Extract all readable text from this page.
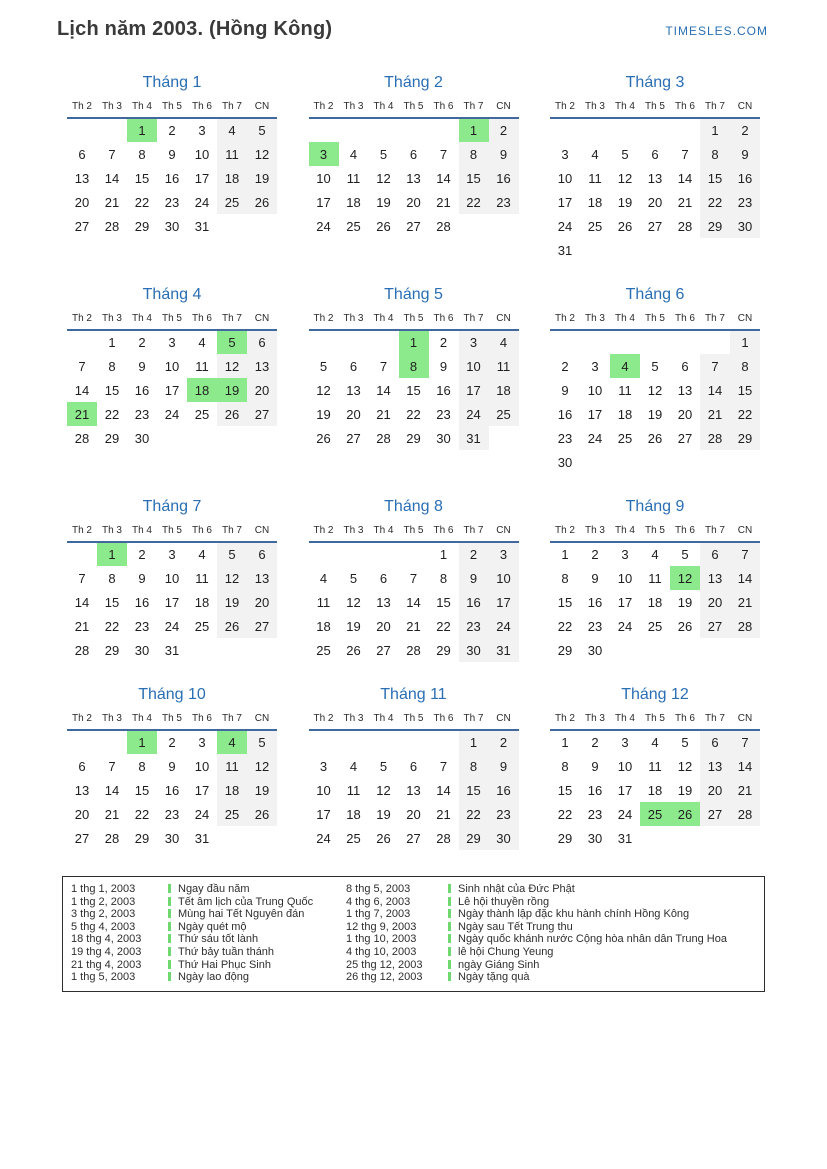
Lịch năm 2003. (Hồng Kông)	TIMESLES.COM
Tháng 1
Th 2	Th 3	Th 4	Th 5	Th 6	Th 7	CN
		1	2	3	4	5
6	7	8	9	10	11	12
13	14	15	16	17	18	19
20	21	22	23	24	25	26
27	28	29	30	31		
Tháng 2
Th 2	Th 3	Th 4	Th 5	Th 6	Th 7	CN
					1	2
3	4	5	6	7	8	9
10	11	12	13	14	15	16
17	18	19	20	21	22	23
24	25	26	27	28		
Tháng 3
Th 2	Th 3	Th 4	Th 5	Th 6	Th 7	CN
					1	2
3	4	5	6	7	8	9
10	11	12	13	14	15	16
17	18	19	20	21	22	23
24	25	26	27	28	29	30
31						
Tháng 4
Th 2	Th 3	Th 4	Th 5	Th 6	Th 7	CN
	1	2	3	4	5	6
7	8	9	10	11	12	13
14	15	16	17	18	19	20
21	22	23	24	25	26	27
28	29	30				
Tháng 5
Th 2	Th 3	Th 4	Th 5	Th 6	Th 7	CN
			1	2	3	4
5	6	7	8	9	10	11
12	13	14	15	16	17	18
19	20	21	22	23	24	25
26	27	28	29	30	31	
Tháng 6
Th 2	Th 3	Th 4	Th 5	Th 6	Th 7	CN
						1
2	3	4	5	6	7	8
9	10	11	12	13	14	15
16	17	18	19	20	21	22
23	24	25	26	27	28	29
30						
Tháng 7
Th 2	Th 3	Th 4	Th 5	Th 6	Th 7	CN
	1	2	3	4	5	6
7	8	9	10	11	12	13
14	15	16	17	18	19	20
21	22	23	24	25	26	27
28	29	30	31			
Tháng 8
Th 2	Th 3	Th 4	Th 5	Th 6	Th 7	CN
				1	2	3
4	5	6	7	8	9	10
11	12	13	14	15	16	17
18	19	20	21	22	23	24
25	26	27	28	29	30	31
Tháng 9
Th 2	Th 3	Th 4	Th 5	Th 6	Th 7	CN
1	2	3	4	5	6	7
8	9	10	11	12	13	14
15	16	17	18	19	20	21
22	23	24	25	26	27	28
29	30					
Tháng 10
Th 2	Th 3	Th 4	Th 5	Th 6	Th 7	CN
		1	2	3	4	5
6	7	8	9	10	11	12
13	14	15	16	17	18	19
20	21	22	23	24	25	26
27	28	29	30	31		
Tháng 11
Th 2	Th 3	Th 4	Th 5	Th 6	Th 7	CN
					1	2
3	4	5	6	7	8	9
10	11	12	13	14	15	16
17	18	19	20	21	22	23
24	25	26	27	28	29	30
Tháng 12
Th 2	Th 3	Th 4	Th 5	Th 6	Th 7	CN
1	2	3	4	5	6	7
8	9	10	11	12	13	14
15	16	17	18	19	20	21
22	23	24	25	26	27	28
29	30	31				
1 thg 1, 2003	Ngay đầu năm	8 thg 5, 2003	Sinh nhật của Đức Phật
1 thg 2, 2003	Tết âm lịch của Trung Quốc	4 thg 6, 2003	Lễ hội thuyền rồng
3 thg 2, 2003	Mùng hai Tết Nguyên đán	1 thg 7, 2003	Ngày thành lập đặc khu hành chính Hồng Kông
5 thg 4, 2003	Ngày quét mộ	12 thg 9, 2003	Ngày sau Tết Trung thu
18 thg 4, 2003	Thứ sáu tốt lành	1 thg 10, 2003	Ngày quốc khánh nước Cộng hòa nhân dân Trung Hoa
19 thg 4, 2003	Thứ bảy tuần thánh	4 thg 10, 2003	lễ hội Chung Yeung
21 thg 4, 2003	Thứ Hai Phục Sinh	25 thg 12, 2003	ngày Giáng Sinh
1 thg 5, 2003	Ngày lao động	26 thg 12, 2003	Ngày tặng quà
